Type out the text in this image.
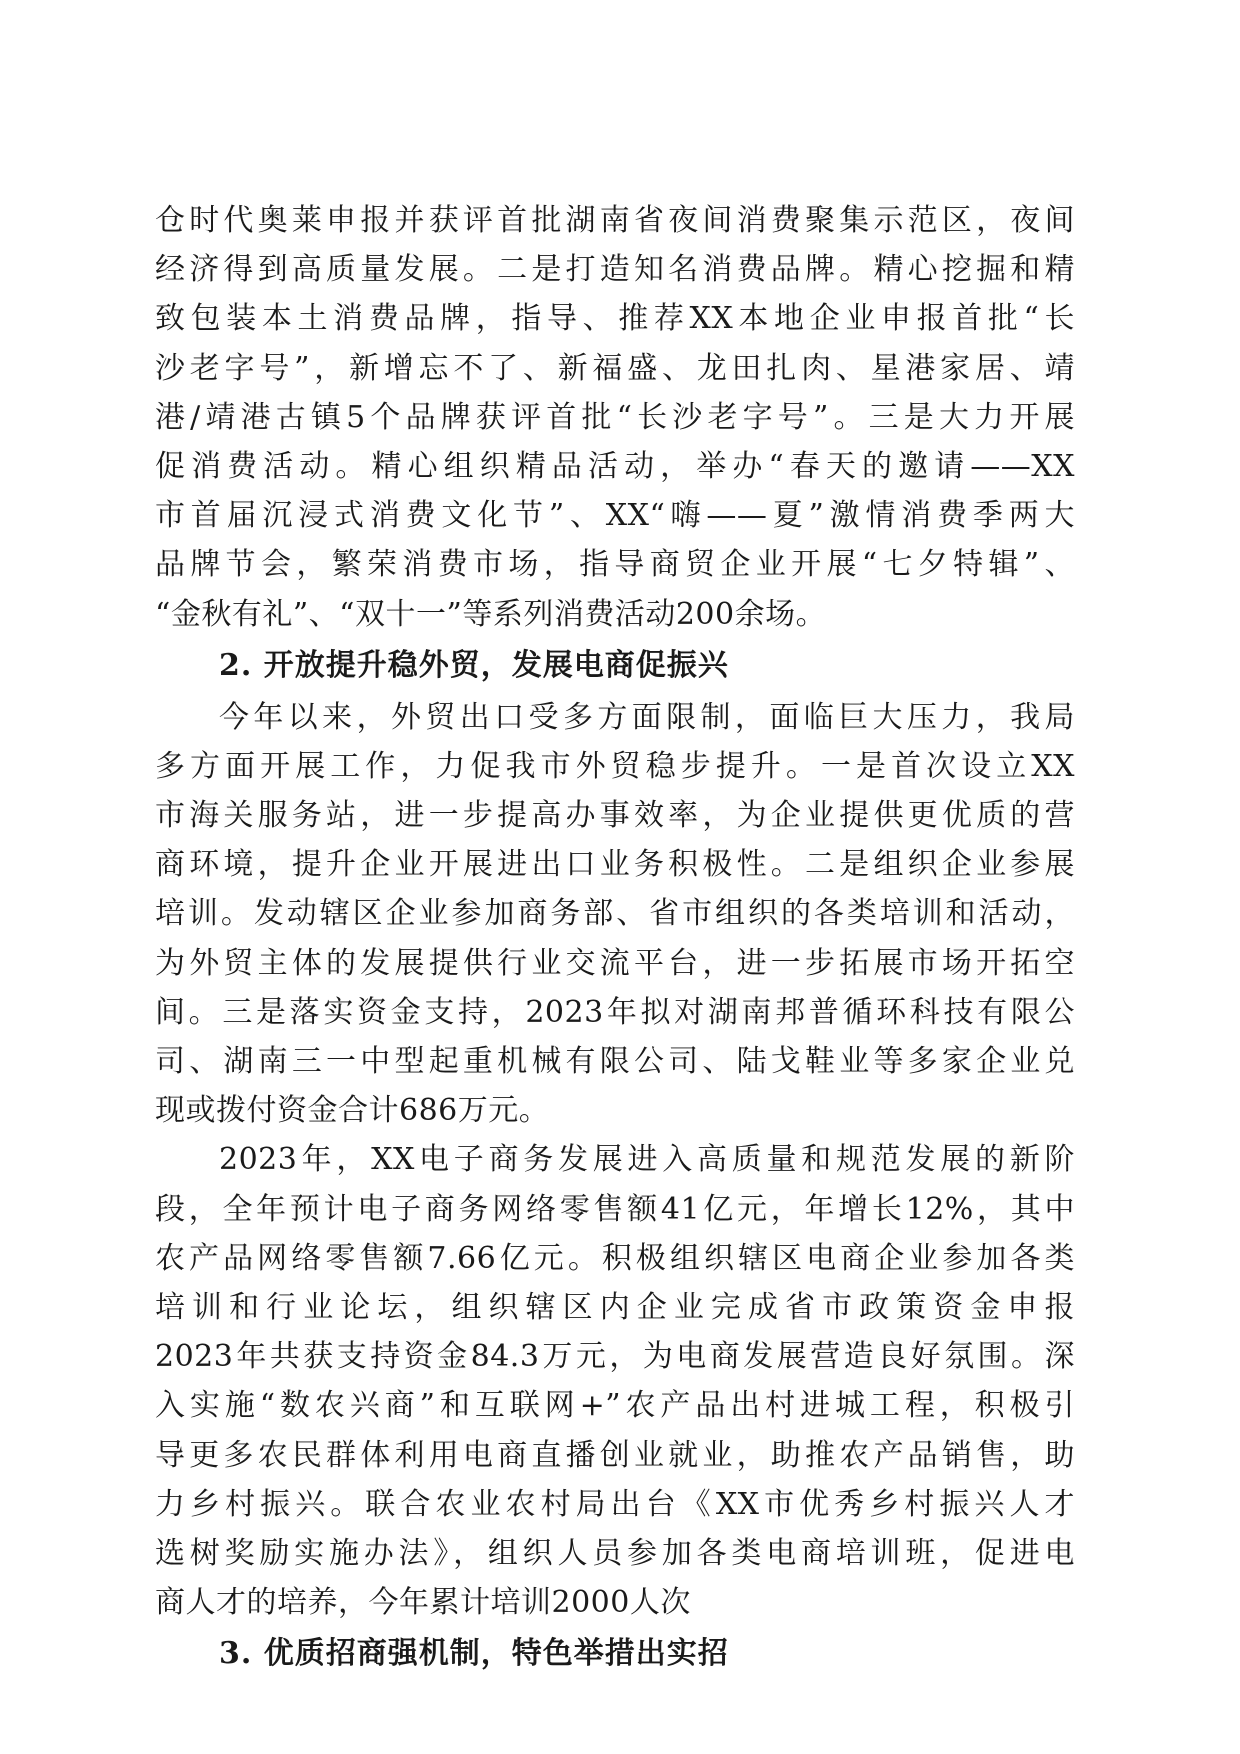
仓时代奥莱申报并获评首批湖南省夜间消费聚集示范区，夜间
经济得到高质量发展。二是打造知名消费品牌。精心挖掘和精
致包装本土消费品牌，指导、推荐XX本地企业申报首批“长
沙老字号”，新增忘不了、新福盛、龙田扎肉、星港家居、靖
港/靖港古镇5个品牌获评首批“长沙老字号”。三是大力开展
促消费活动。精心组织精品活动，举办“春天的邀请——XX
市首届沉浸式消费文化节”、XX“嗨——夏”激情消费季两大
品牌节会，繁荣消费市场，指导商贸企业开展“七夕特辑”、
“金秋有礼”、“双十一”等系列消费活动200余场。
2. 开放提升稳外贸，发展电商促振兴
今年以来，外贸出口受多方面限制，面临巨大压力，我局
多方面开展工作，力促我市外贸稳步提升。一是首次设立XX
市海关服务站，进一步提高办事效率，为企业提供更优质的营
商环境，提升企业开展进出口业务积极性。二是组织企业参展
培训。发动辖区企业参加商务部、省市组织的各类培训和活动，
为外贸主体的发展提供行业交流平台，进一步拓展市场开拓空
间。三是落实资金支持，2023年拟对湖南邦普循环科技有限公
司、湖南三一中型起重机械有限公司、陆戈鞋业等多家企业兑
现或拨付资金合计686万元。
2023年，XX电子商务发展进入高质量和规范发展的新阶
段，全年预计电子商务网络零售额41亿元，年增长12%，其中
农产品网络零售额7.66亿元。积极组织辖区电商企业参加各类
培训和行业论坛，组织辖区内企业完成省市政策资金申报
2023年共获支持资金84.3万元，为电商发展营造良好氛围。深
入实施“数农兴商”和互联网+”农产品出村进城工程，积极引
导更多农民群体利用电商直播创业就业，助推农产品销售，助
力乡村振兴。联合农业农村局出台《XX市优秀乡村振兴人才
选树奖励实施办法》，组织人员参加各类电商培训班，促进电
商人才的培养，今年累计培训2000人次
3. 优质招商强机制，特色举措出实招
